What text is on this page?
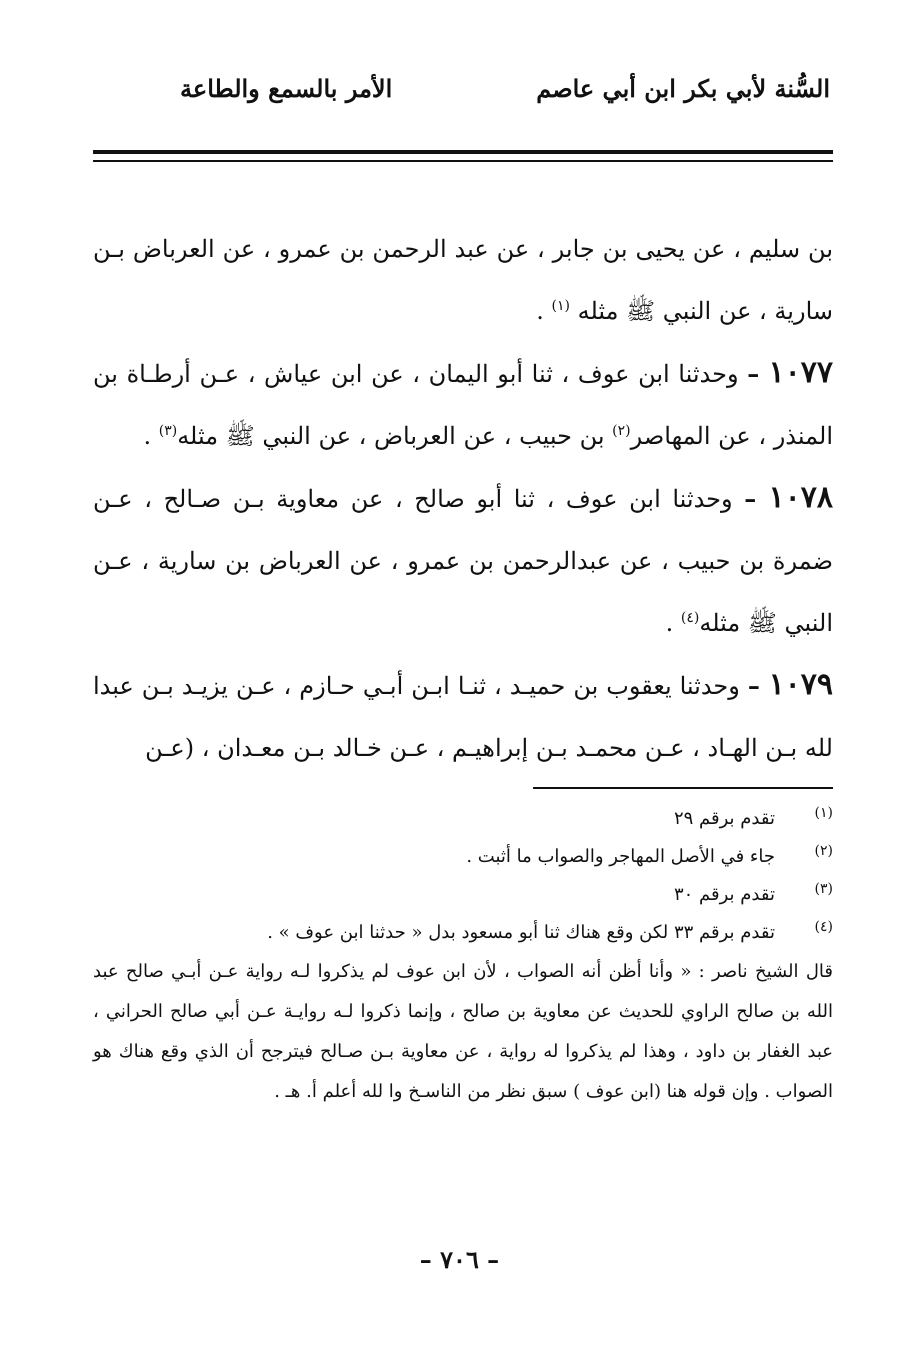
السُّنة لأبي بكر ابن أبي عاصم
الأمر بالسمع والطاعة

بن سليم ، عن يحيى بن جابر ، عن عبد الرحمن بن عمرو ، عن العرباض بـن سارية ، عن النبي ﷺ مثله $^{(١)}$ .

١٠٧٧ – وحدثنا ابن عوف ، ثنا أبو اليمان ، عن ابن عياش ، عـن أرطـاة بن المنذر ، عن المهاصر$^{(٢)}$ بن حبيب ، عن العرباض ، عن النبي ﷺ مثله$^{(٣)}$ .

١٠٧٨ – وحدثنا ابن عوف ، ثنا أبو صالح ، عن معاوية بـن صـالح ، عـن ضمرة بن حبيب ، عن عبدالرحمن بن عمرو ، عن العرباض بن سارية ، عـن النبي ﷺ مثله$^{(٤)}$ .

١٠٧٩ – وحدثنا يعقوب بن حميـد ، ثنـا ابـن أبـي حـازم ، عـن يزيـد بـن عبدا لله بـن الهـاد ، عـن محمـد بـن إبراهيـم ، عـن خـالد بـن معـدان ، (عـن

(١)
تقدم برقم ٢٩
(٢)
جاء في الأصل المهاجر والصواب ما أثبت .
(٣)
تقدم برقم ٣٠
(٤)
تقدم برقم ٣٣ لكن وقع هناك ثنا أبو مسعود بدل « حدثنا ابن عوف » .

قال الشيخ ناصر : « وأنا أظن أنه الصواب ، لأن ابن عوف لم يذكروا لـه رواية عـن أبـي صالح عبد الله بن صالح الراوي للحديث عن معاوية بن صالح ، وإنما ذكروا لـه روايـة عـن أبي صالح الحراني ، عبد الغفار بن داود ، وهذا لم يذكروا له رواية ، عن معاوية بـن صـالح فيترجح أن الذي وقع هناك هو الصواب . وإن قوله هنا (ابن عوف ) سبق نظر من الناسـخ وا لله أعلم أ. هـ .

– ٧٠٦ –
